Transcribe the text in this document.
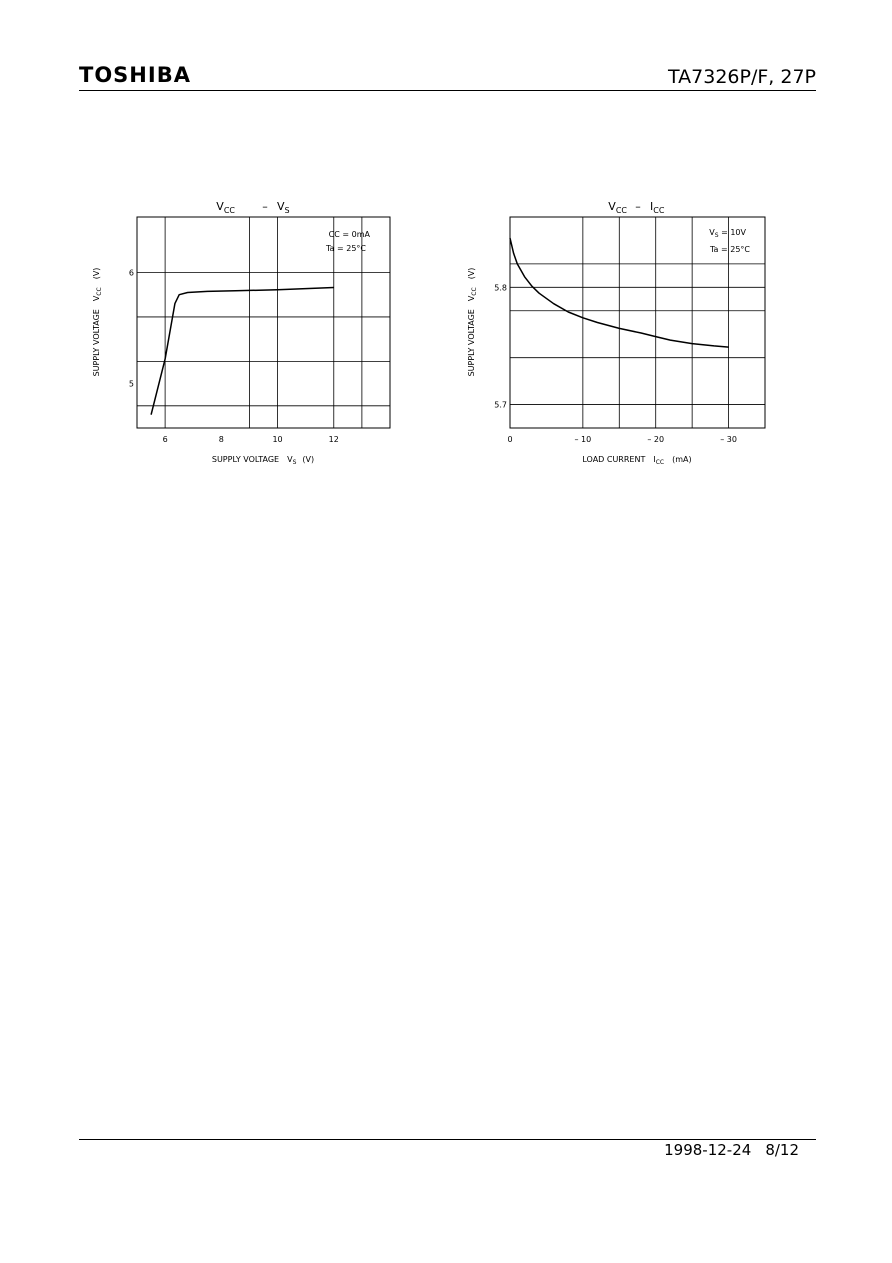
TOSHIBA	TA7326P/F, 27P
$V_{CC} - V_S$
6	8	10	12
6
5
CC = 0mA
Ta = 25°C
SUPPLY VOLTAGE $V_S$ (V)
SUPPLY $VOLTAGEV_{CC}(V)$
$V_{CC} - I_{CC}$
0	– 10	– 20	– 30
5.8
5.7
$V_S = 10V$
Ta = 25°C
LOAD CURRENT $I_{CC}$ (mA)
SUPPLY $VOLTAGEV_{CC}(V)$
1998-12-24 8/12
